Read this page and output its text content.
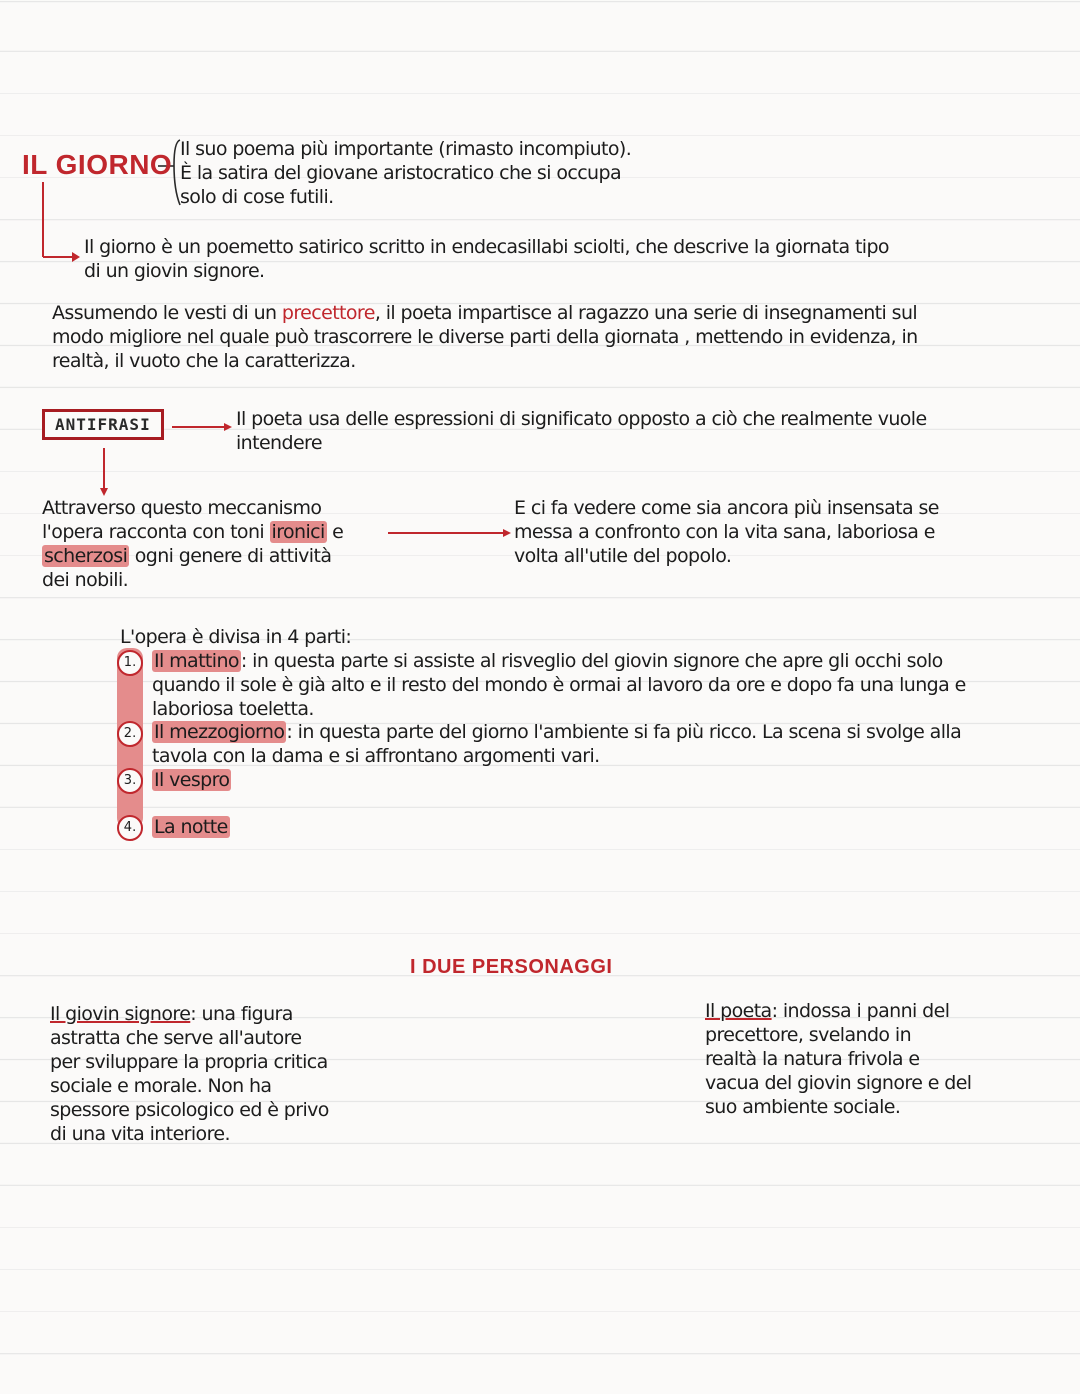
IL GIORNO Il suo poema più importante (rimasto incompiuto).
È la satira del giovane aristocratico che si occupa
solo di cose futili.
Il giorno è un poemetto satirico scritto in endecasillabi sciolti, che descrive la giornata tipo
di un giovin signore.
Assumendo le vesti di un precettore, il poeta impartisce al ragazzo una serie di insegnamenti sul
modo migliore nel quale può trascorrere le diverse parti della giornata , mettendo in evidenza, in
realtà, il vuoto che la caratterizza.
ANTIFRASI	Il poeta usa delle espressioni di significato opposto a ciò che realmente vuole
intendere
Attraverso questo meccanismo
l'opera racconta con toni ironici e
scherzosi ogni genere di attività
dei nobili.
E ci fa vedere come sia ancora più insensata se
messa a confronto con la vita sana, laboriosa e
volta all'utile del popolo.
L'opera è divisa in 4 parti:
1. Il mattino : in questa parte si assiste al risveglio del giovin signore che apre gli occhi solo
quando il sole è già alto e il resto del mondo è ormai al lavoro da ore e dopo fa una lunga e
laboriosa toeletta.
2. Il mezzogiorno : in questa parte del giorno l'ambiente si fa più ricco. La scena si svolge alla
tavola con la dama e si affrontano argomenti vari.
3. Il vespro
4. La notte
I DUE PERSONAGGI
Il giovin signore: una figura
astratta che serve all'autore
per sviluppare la propria critica
sociale e morale. Non ha
spessore psicologico ed è privo
di una vita interiore.
Il poeta: indossa i panni del
precettore, svelando in
realtà la natura frivola e
vacua del giovin signore e del
suo ambiente sociale.
